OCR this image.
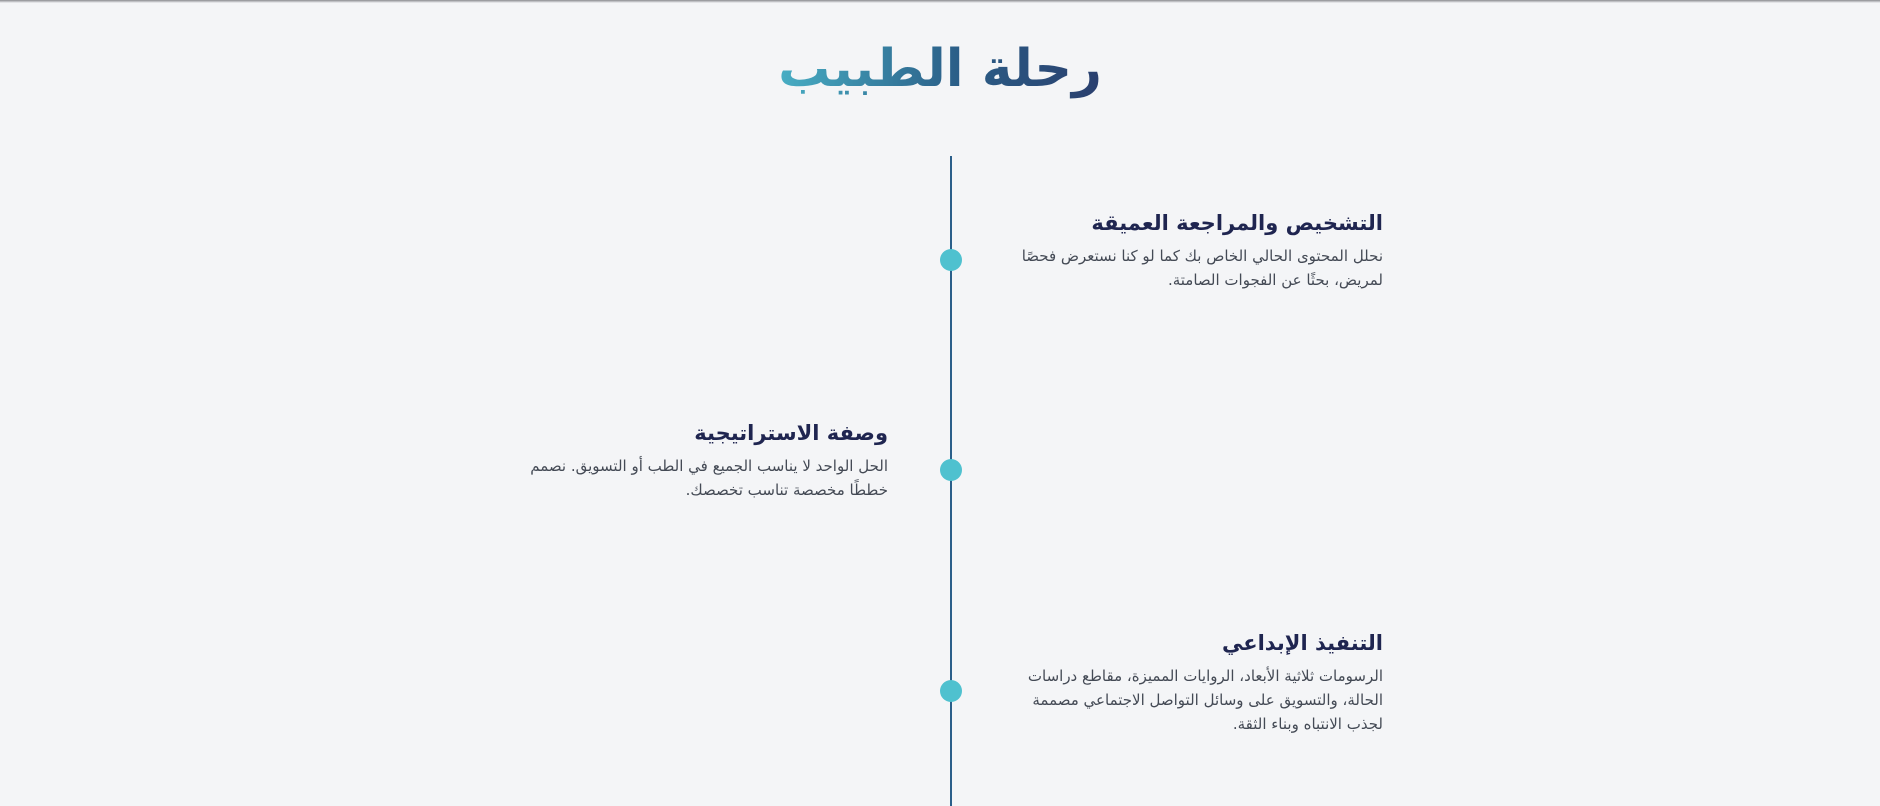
رحلة الطبيب
التشخيص والمراجعة العميقة

نحلل المحتوى الحالي الخاص بك كما لو كنا نستعرض فحصًا لمريض، بحثًا عن الفجوات الصامتة.

وصفة الاستراتيجية

الحل الواحد لا يناسب الجميع في الطب أو التسويق. نصمم خططًا مخصصة تناسب تخصصك.

التنفيذ الإبداعي

الرسومات ثلاثية الأبعاد، الروايات المميزة، مقاطع دراسات الحالة، والتسويق على وسائل التواصل الاجتماعي مصممة لجذب الانتباه وبناء الثقة.
